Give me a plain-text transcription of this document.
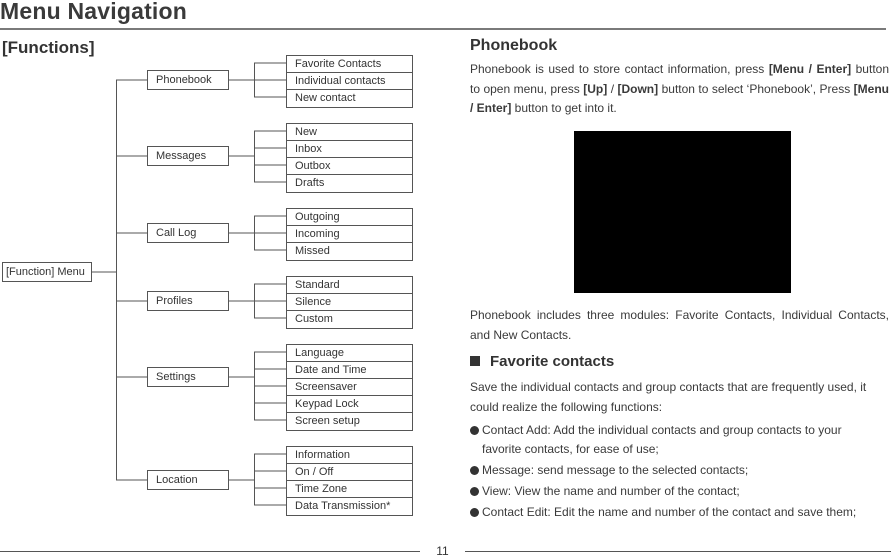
Menu Navigation
[Functions]
[Function] Menu
Phonebook
Messages
Call Log
Profiles
Settings
Location
Favorite Contacts
Individual contacts
New contact
New
Inbox
Outbox
Drafts
Outgoing
Incoming
Missed
Standard
Silence
Custom
Language
Date and Time
Screensaver
Keypad Lock
Screen setup
Information
On / Off
Time Zone
Data Transmission*
Phonebook
Phonebook is used to store contact information, press [Menu / Enter] button to open menu, press [Up] / [Down] button to select ‘Phonebook’, Press [Menu / Enter] button to get into it.
Phonebook includes three modules: Favorite Contacts, Individual Contacts, and New Contacts.
Favorite contacts
Save the individual contacts and group contacts that are frequently used, it could realize the following functions:
Contact Add: Add the individual contacts and group contacts to your
favorite contacts, for ease of use;
Message: send message to the selected contacts;
View: View the name and number of the contact;
Contact Edit: Edit the name and number of the contact and save them;
11
